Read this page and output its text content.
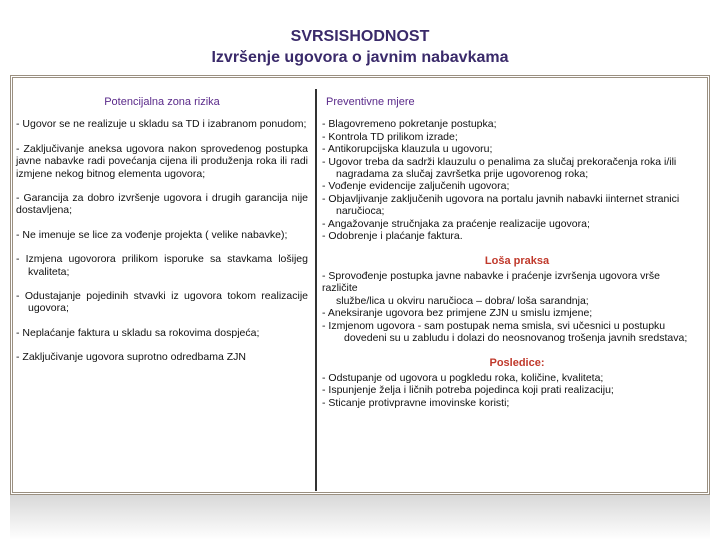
SVRSISHODNOST
Izvršenje ugovora o javnim nabavkama
Potencijalna zona rizika
- Ugovor se ne realizuje u skladu sa TD i izabranom ponudom;
- Zaključivanje aneksa ugovora nakon sprovedenog postupka javne nabavke radi povećanja cijena ili produženja roka ili radi izmjene nekog bitnog elementa ugovora;
- Garancija za dobro izvršenje ugovora i drugih garancija nije dostavljena;
- Ne imenuje se lice za vođenje projekta ( velike nabavke);
- Izmjena ugovororа prilikom isporuke sa stavkama lošijeg kvaliteta;
- Odustajanje pojedinih stvavki iz ugovora tokom realizacije ugovora;
- Neplaćanje faktura u skladu sa rokovima dospjeća;
- Zaključivanje ugovora suprotno odredbama ZJN
Preventivne mjere
- Blagovremeno pokretanje postupka;
- Kontrola TD prilikom izrade;
- Antikorupcijska klauzula u ugovoru;
- Ugovor treba da sadrži klauzulu o penalima za slučaj prekoračenja roka i/ili
nagradama za slučaj završetka prije ugovorenog roka;
- Vođenje evidencije zaljučenih ugovora;
- Objavljivanje zaključenih ugovora na portalu javnih nabavki iinternet stranici
naručioca;
- Angažovanje stručnjaka za praćenje realizacije ugovora;
- Odobrenje i plaćanje faktura.
Loša praksa
- Sprovođenje postupka javne nabavke i praćenje izvršenja ugovora vrše
različite
službe/lica u okviru naručioca – dobra/ loša sarandnja;
- Aneksiranje ugovora bez primjene ZJN u smislu izmjene;
- Izmjenom ugovora - sam postupak nema smisla, svi učesnici u postupku
dovedeni su u zabludu i dolazi do neosnovanog trošenja javnih sredstava;
Posledice:
- Odstupanje od ugovora u pogkledu roka, količine, kvaliteta;
- Ispunjenje želja i ličnih potreba pojedinca koji prati realizaciju;
- Sticanje protivpravne imovinske koristi;
